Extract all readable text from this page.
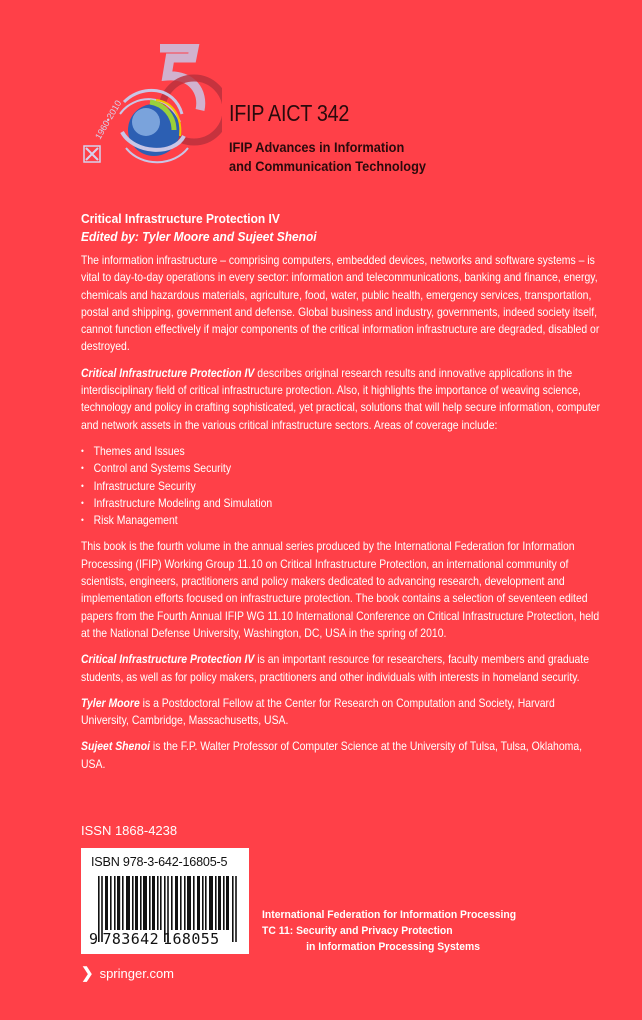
1960•2010	IFIP AICT 342
IFIP Advances in Information
and Communication Technology
Critical Infrastructure Protection IV
Edited by: Tyler Moore and Sujeet Shenoi

The information infrastructure – comprising computers, embedded devices, networks and software systems – is vital to day-to-day operations in every sector: information and telecommunications, banking and finance, energy, chemicals and hazardous materials, agriculture, food, water, public health, emergency services, transportation, postal and shipping, government and defense. Global business and industry, governments, indeed society itself, cannot function effectively if major components of the critical information infrastructure are degraded, disabled or destroyed.

Critical Infrastructure Protection IV describes original research results and innovative applications in the interdisciplinary field of critical infrastructure protection. Also, it highlights the importance of weaving science, technology and policy in crafting sophisticated, yet practical, solutions that will help secure information, computer and network assets in the various critical infrastructure sectors. Areas of coverage include:

• Themes and Issues
• Control and Systems Security
• Infrastructure Security
• Infrastructure Modeling and Simulation
• Risk Management

This book is the fourth volume in the annual series produced by the International Federation for Information Processing (IFIP) Working Group 11.10 on Critical Infrastructure Protection, an international community of scientists, engineers, practitioners and policy makers dedicated to advancing research, development and implementation efforts focused on infrastructure protection. The book contains a selection of seventeen edited papers from the Fourth Annual IFIP WG 11.10 International Conference on Critical Infrastructure Protection, held at the National Defense University, Washington, DC, USA in the spring of 2010.

Critical Infrastructure Protection IV is an important resource for researchers, faculty members and graduate students, as well as for policy makers, practitioners and other individuals with interests in homeland security.

Tyler Moore is a Postdoctoral Fellow at the Center for Research on Computation and Society, Harvard University, Cambridge, Massachusetts, USA.

Sujeet Shenoi is the F.P. Walter Professor of Computer Science at the University of Tulsa, Tulsa, Oklahoma, USA.

ISSN 1868-4238
ISBN 978-3-642-16805-5
9 783642 168055
International Federation for Information Processing
TC 11: Security and Privacy Protection
in Information Processing Systems
❯ springer.com
